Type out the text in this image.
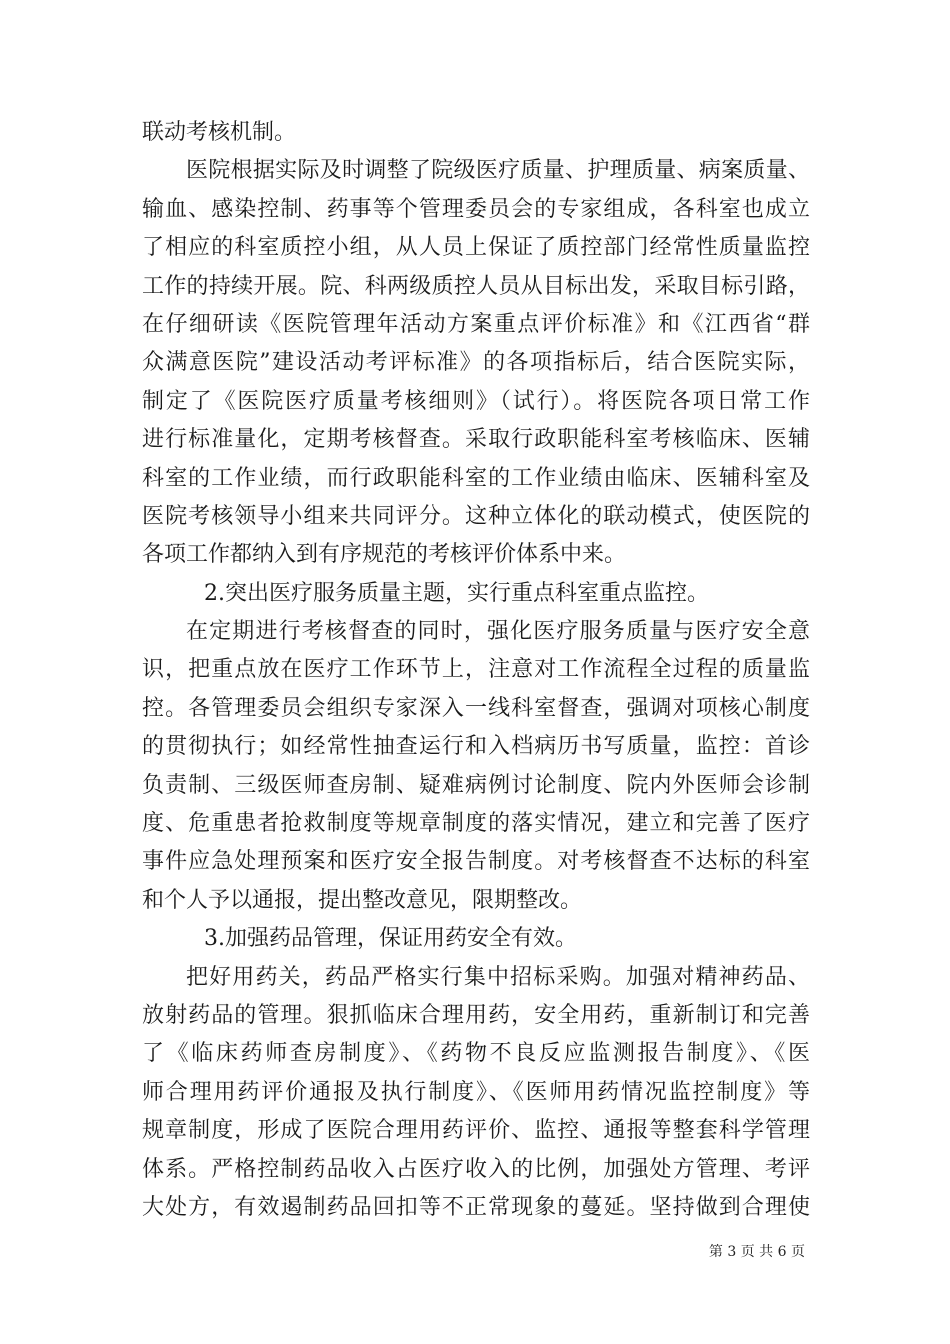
联动考核机制。
医院根据实际及时调整了院级医疗质量、护理质量、病案质量、
输血、感染控制、药事等个管理委员会的专家组成，各科室也成立
了相应的科室质控小组，从人员上保证了质控部门经常性质量监控
工作的持续开展。院、科两级质控人员从目标出发，采取目标引路，
在仔细研读《医院管理年活动方案重点评价标准》和《江西省“群
众满意医院”建设活动考评标准》的各项指标后，结合医院实际，
制定了《医院医疗质量考核细则》（试行）。将医院各项日常工作
进行标准量化，定期考核督查。采取行政职能科室考核临床、医辅
科室的工作业绩，而行政职能科室的工作业绩由临床、医辅科室及
医院考核领导小组来共同评分。这种立体化的联动模式，使医院的
各项工作都纳入到有序规范的考核评价体系中来。
2.突出医疗服务质量主题，实行重点科室重点监控。
在定期进行考核督查的同时，强化医疗服务质量与医疗安全意
识，把重点放在医疗工作环节上，注意对工作流程全过程的质量监
控。各管理委员会组织专家深入一线科室督查，强调对项核心制度
的贯彻执行；如经常性抽查运行和入档病历书写质量，监控：首诊
负责制、三级医师查房制、疑难病例讨论制度、院内外医师会诊制
度、危重患者抢救制度等规章制度的落实情况，建立和完善了医疗
事件应急处理预案和医疗安全报告制度。对考核督查不达标的科室
和个人予以通报，提出整改意见，限期整改。
3.加强药品管理，保证用药安全有效。
把好用药关，药品严格实行集中招标采购。加强对精神药品、
放射药品的管理。狠抓临床合理用药，安全用药，重新制订和完善
了《临床药师查房制度》、《药物不良反应监测报告制度》、《医
师合理用药评价通报及执行制度》、《医师用药情况监控制度》等
规章制度，形成了医院合理用药评价、监控、通报等整套科学管理
体系。严格控制药品收入占医疗收入的比例，加强处方管理、考评
大处方，有效遏制药品回扣等不正常现象的蔓延。坚持做到合理使
第 3 页 共 6 页
